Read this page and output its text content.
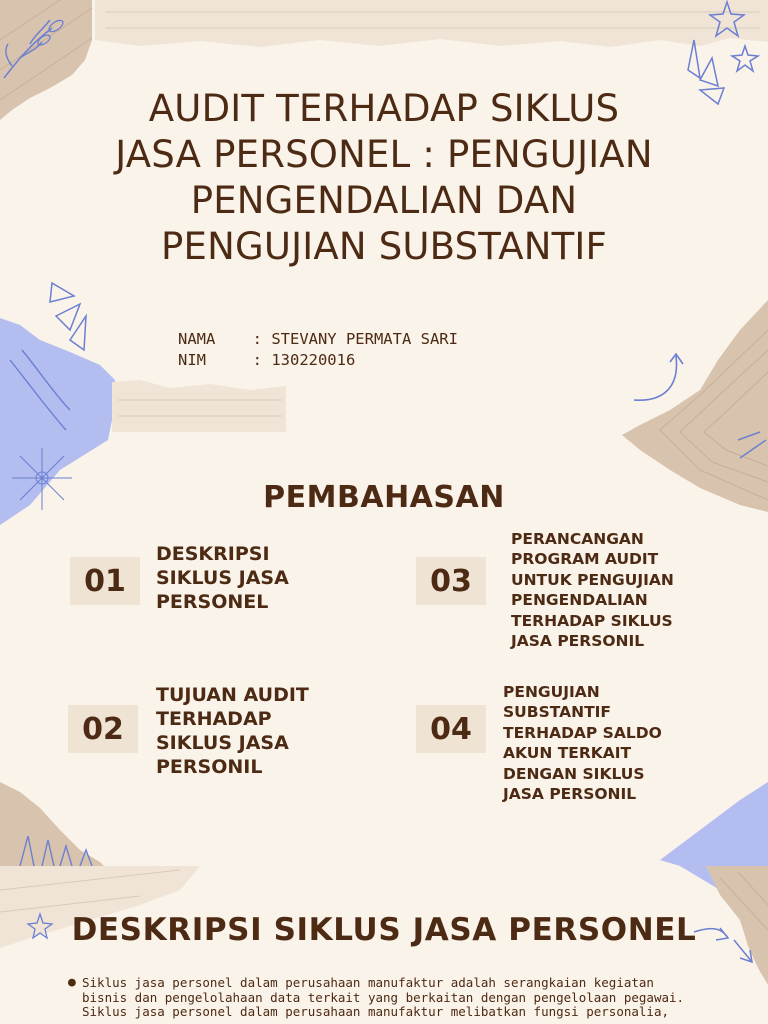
AUDIT TERHADAP SIKLUS
JASA PERSONEL : PENGUJIAN
PENGENDALIAN DAN
PENGUJIAN SUBSTANTIF
NAMA    : STEVANY PERMATA SARI
NIM     : 130220016
PEMBAHASAN
01
DESKRIPSI
SIKLUS JASA
PERSONEL
02
TUJUAN AUDIT
TERHADAP
SIKLUS JASA
PERSONIL
03
PERANCANGAN
PROGRAM AUDIT
UNTUK PENGUJIAN
PENGENDALIAN
TERHADAP SIKLUS
JASA PERSONIL
04
PENGUJIAN
SUBSTANTIF
TERHADAP SALDO
AKUN TERKAIT
DENGAN SIKLUS
JASA PERSONIL
DESKRIPSI SIKLUS JASA PERSONEL
● Siklus jasa personel dalam perusahaan manufaktur adalah serangkaian kegiatan
bisnis dan pengelolahaan data terkait yang berkaitan dengan pengelolaan pegawai.
Siklus jasa personel dalam perusahaan manufaktur melibatkan fungsi personalia,
